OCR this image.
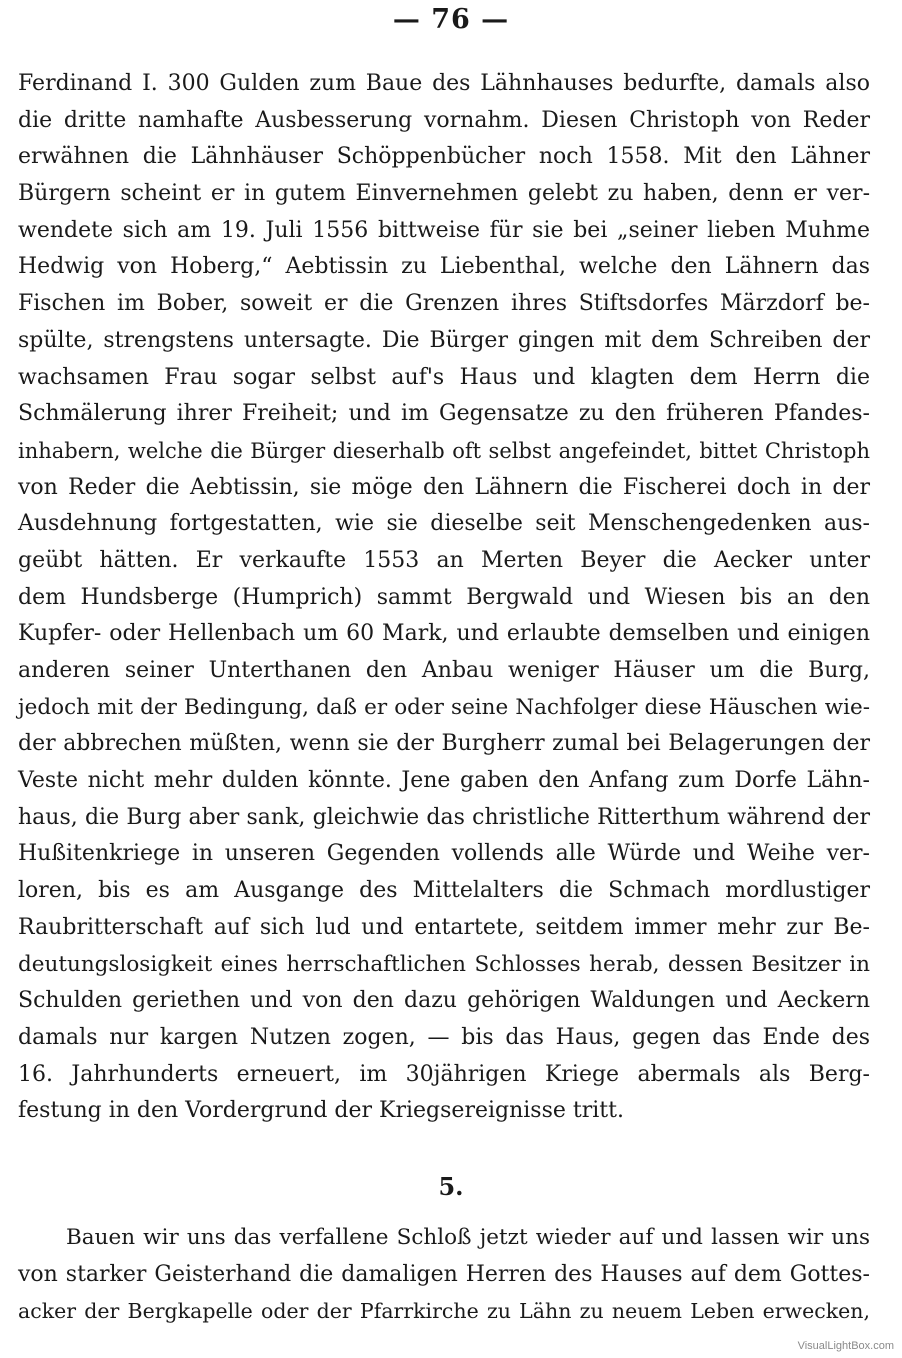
— 76 —
Ferdinand I. 300 Gulden zum Baue des Lähnhauses bedurfte, damals also
die dritte namhafte Ausbesserung vornahm. Diesen Christoph von Reder
erwähnen die Lähnhäuser Schöppenbücher noch 1558. Mit den Lähner
Bürgern scheint er in gutem Einvernehmen gelebt zu haben, denn er ver-
wendete sich am 19. Juli 1556 bittweise für sie bei „seiner lieben Muhme
Hedwig von Hoberg,“ Aebtissin zu Liebenthal, welche den Lähnern das
Fischen im Bober, soweit er die Grenzen ihres Stiftsdorfes Märzdorf be-
spülte, strengstens untersagte. Die Bürger gingen mit dem Schreiben der
wachsamen Frau sogar selbst auf's Haus und klagten dem Herrn die
Schmälerung ihrer Freiheit; und im Gegensatze zu den früheren Pfandes-
inhabern, welche die Bürger dieserhalb oft selbst angefeindet, bittet Christoph
von Reder die Aebtissin, sie möge den Lähnern die Fischerei doch in der
Ausdehnung fortgestatten, wie sie dieselbe seit Menschengedenken aus-
geübt hätten. Er verkaufte 1553 an Merten Beyer die Aecker unter
dem Hundsberge (Humprich) sammt Bergwald und Wiesen bis an den
Kupfer- oder Hellenbach um 60 Mark, und erlaubte demselben und einigen
anderen seiner Unterthanen den Anbau weniger Häuser um die Burg,
jedoch mit der Bedingung, daß er oder seine Nachfolger diese Häuschen wie-
der abbrechen müßten, wenn sie der Burgherr zumal bei Belagerungen der
Veste nicht mehr dulden könnte. Jene gaben den Anfang zum Dorfe Lähn-
haus, die Burg aber sank, gleichwie das christliche Ritterthum während der
Hußitenkriege in unseren Gegenden vollends alle Würde und Weihe ver-
loren, bis es am Ausgange des Mittelalters die Schmach mordlustiger
Raubritterschaft auf sich lud und entartete, seitdem immer mehr zur Be-
deutungslosigkeit eines herrschaftlichen Schlosses herab, dessen Besitzer in
Schulden geriethen und von den dazu gehörigen Waldungen und Aeckern
damals nur kargen Nutzen zogen, — bis das Haus, gegen das Ende des
16. Jahrhunderts erneuert, im 30jährigen Kriege abermals als Berg-
festung in den Vordergrund der Kriegsereignisse tritt.
5.
Bauen wir uns das verfallene Schloß jetzt wieder auf und lassen wir uns
von starker Geisterhand die damaligen Herren des Hauses auf dem Gottes-
acker der Bergkapelle oder der Pfarrkirche zu Lähn zu neuem Leben erwecken,
VisualLightBox.com
